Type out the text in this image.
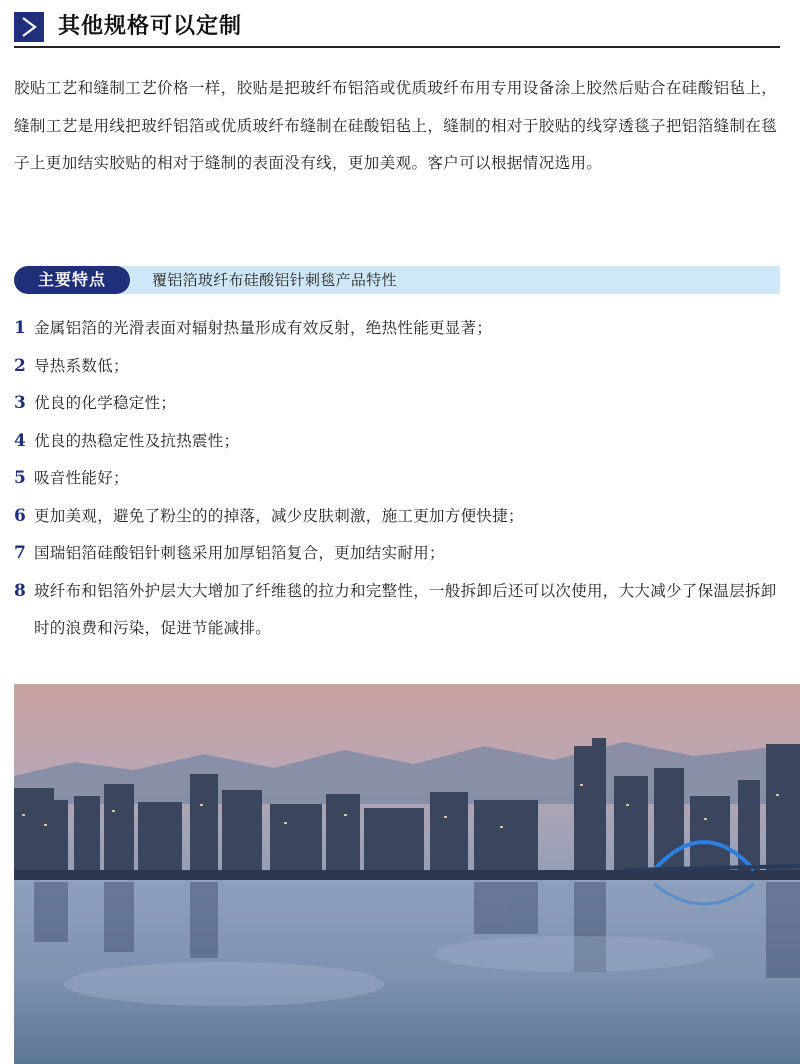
其他规格可以定制
胶贴工艺和缝制工艺价格一样，胶贴是把玻纤布铝箔或优质玻纤布用专用设备涂上胶然后贴合在硅酸铝毡上，缝制工艺是用线把玻纤铝箔或优质玻纤布缝制在硅酸铝毡上，缝制的相对于胶贴的线穿透毯子把铝箔缝制在毯子上更加结实胶贴的相对于缝制的表面没有线，更加美观。客户可以根据情况选用。
主要特点	覆铝箔玻纤布硅酸铝针刺毯产品特性
1 金属铝箔的光滑表面对辐射热量形成有效反射，绝热性能更显著；
2 导热系数低；
3 优良的化学稳定性；
4 优良的热稳定性及抗热震性；
5 吸音性能好；
6 更加美观，避免了粉尘的的掉落，减少皮肤刺激，施工更加方便快捷；
7 国瑞铝箔硅酸铝针刺毯采用加厚铝箔复合，更加结实耐用；
8 玻纤布和铝箔外护层大大增加了纤维毯的拉力和完整性，一般拆卸后还可以次使用，大大减少了保温层拆卸时的浪费和污染，促进节能减排。
